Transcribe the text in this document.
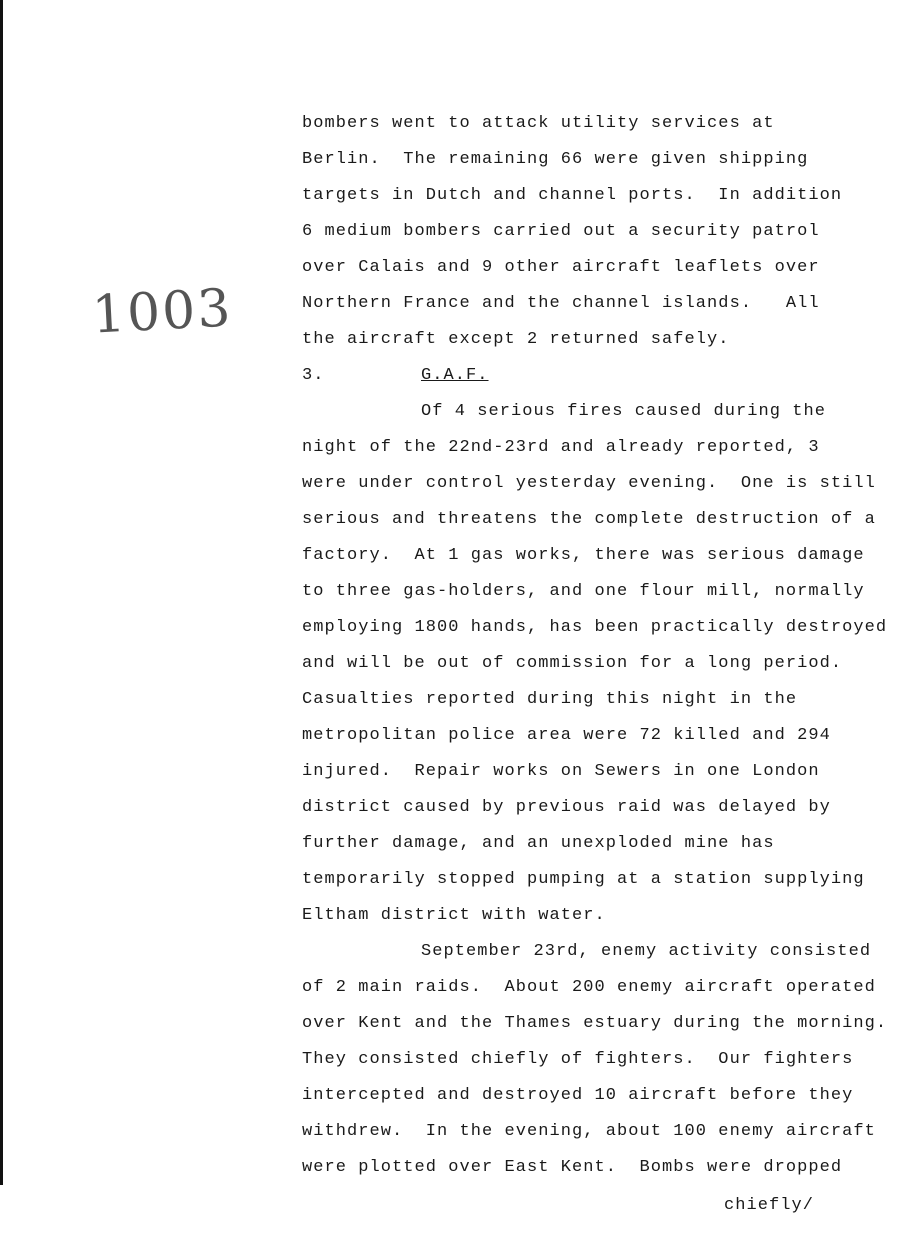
1003
bombers went to attack utility services at
Berlin.  The remaining 66 were given shipping
targets in Dutch and channel ports.  In addition
6 medium bombers carried out a security patrol
over Calais and 9 other aircraft leaflets over
Northern France and the channel islands.   All
the aircraft except 2 returned safely.
3.	G.A.F.
Of 4 serious fires caused during the
night of the 22nd-23rd and already reported, 3
were under control yesterday evening.  One is still
serious and threatens the complete destruction of a
factory.  At 1 gas works, there was serious damage
to three gas-holders, and one flour mill, normally
employing 1800 hands, has been practically destroyed
and will be out of commission for a long period.
Casualties reported during this night in the
metropolitan police area were 72 killed and 294
injured.  Repair works on Sewers in one London
district caused by previous raid was delayed by
further damage, and an unexploded mine has
temporarily stopped pumping at a station supplying
Eltham district with water.
September 23rd, enemy activity consisted
of 2 main raids.  About 200 enemy aircraft operated
over Kent and the Thames estuary during the morning.
They consisted chiefly of fighters.  Our fighters
intercepted and destroyed 10 aircraft before they
withdrew.  In the evening, about 100 enemy aircraft
were plotted over East Kent.  Bombs were dropped
chiefly/
